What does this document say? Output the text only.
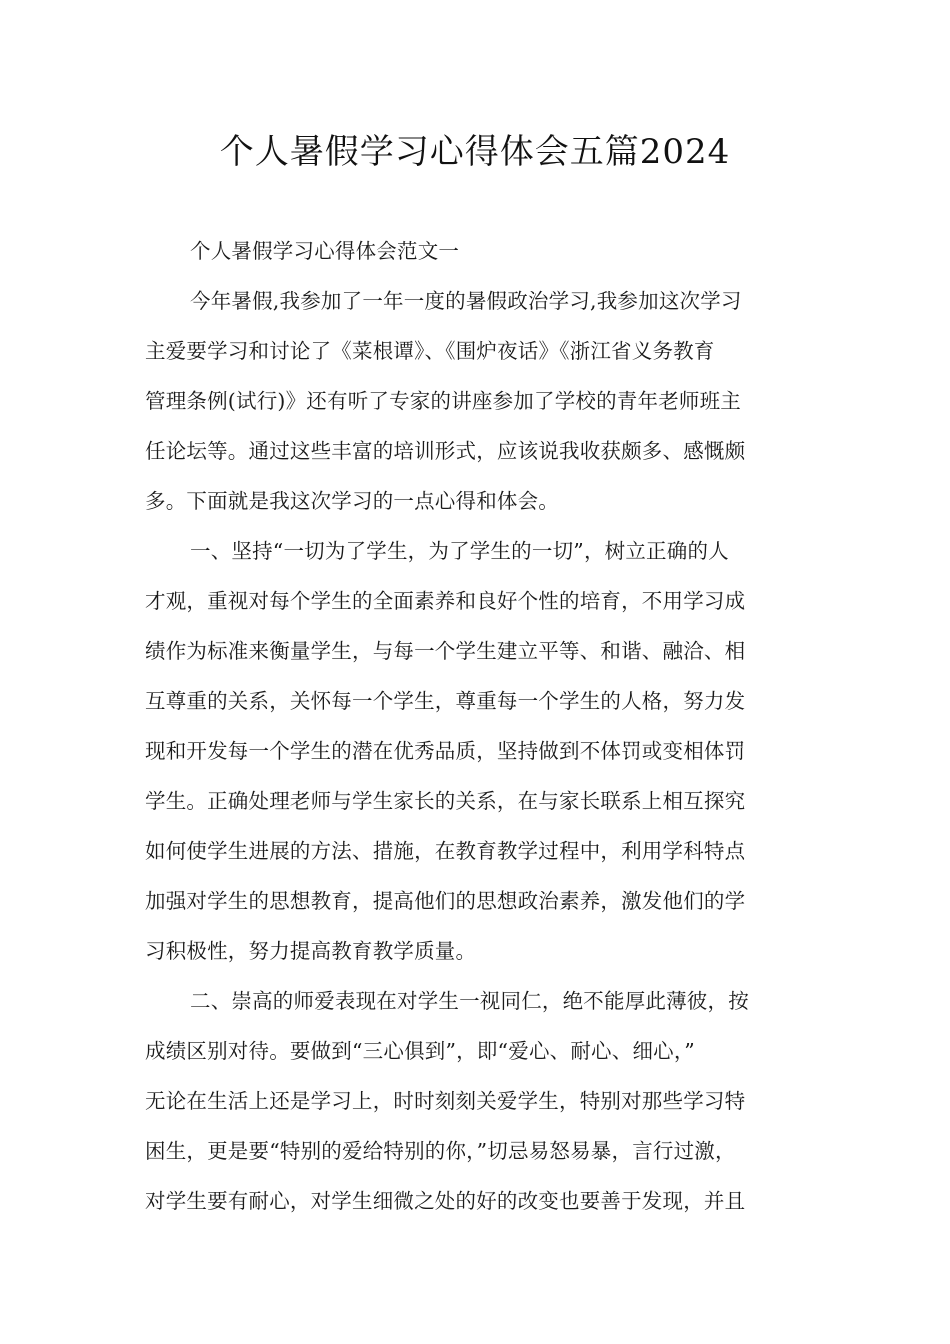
个人暑假学习心得体会五篇2024
个人暑假学习心得体会范文一
今年暑假,我参加了一年一度的暑假政治学习,我参加这次学习
主爱要学习和讨论了《菜根谭》、《围炉夜话》《浙江省义务教育
管理条例(试行)》还有听了专家的讲座参加了学校的青年老师班主
任论坛等。通过这些丰富的培训形式，应该说我收获颇多、感慨颇
多。下面就是我这次学习的一点心得和体会。
一、坚持“一切为了学生，为了学生的一切”，树立正确的人
才观，重视对每个学生的全面素养和良好个性的培育，不用学习成
绩作为标准来衡量学生，与每一个学生建立平等、和谐、融洽、相
互尊重的关系，关怀每一个学生，尊重每一个学生的人格，努力发
现和开发每一个学生的潜在优秀品质，坚持做到不体罚或变相体罚
学生。正确处理老师与学生家长的关系，在与家长联系上相互探究
如何使学生进展的方法、措施，在教育教学过程中，利用学科特点
加强对学生的思想教育，提高他们的思想政治素养，激发他们的学
习积极性，努力提高教育教学质量。
二、崇高的师爱表现在对学生一视同仁，绝不能厚此薄彼，按
成绩区别对待。要做到“三心俱到”，即“爱心、耐心、细心，”
无论在生活上还是学习上，时时刻刻关爱学生，特别对那些学习特
困生，更是要“特别的爱给特别的你，”切忌易怒易暴，言行过激，
对学生要有耐心，对学生细微之处的好的改变也要善于发现，并且
